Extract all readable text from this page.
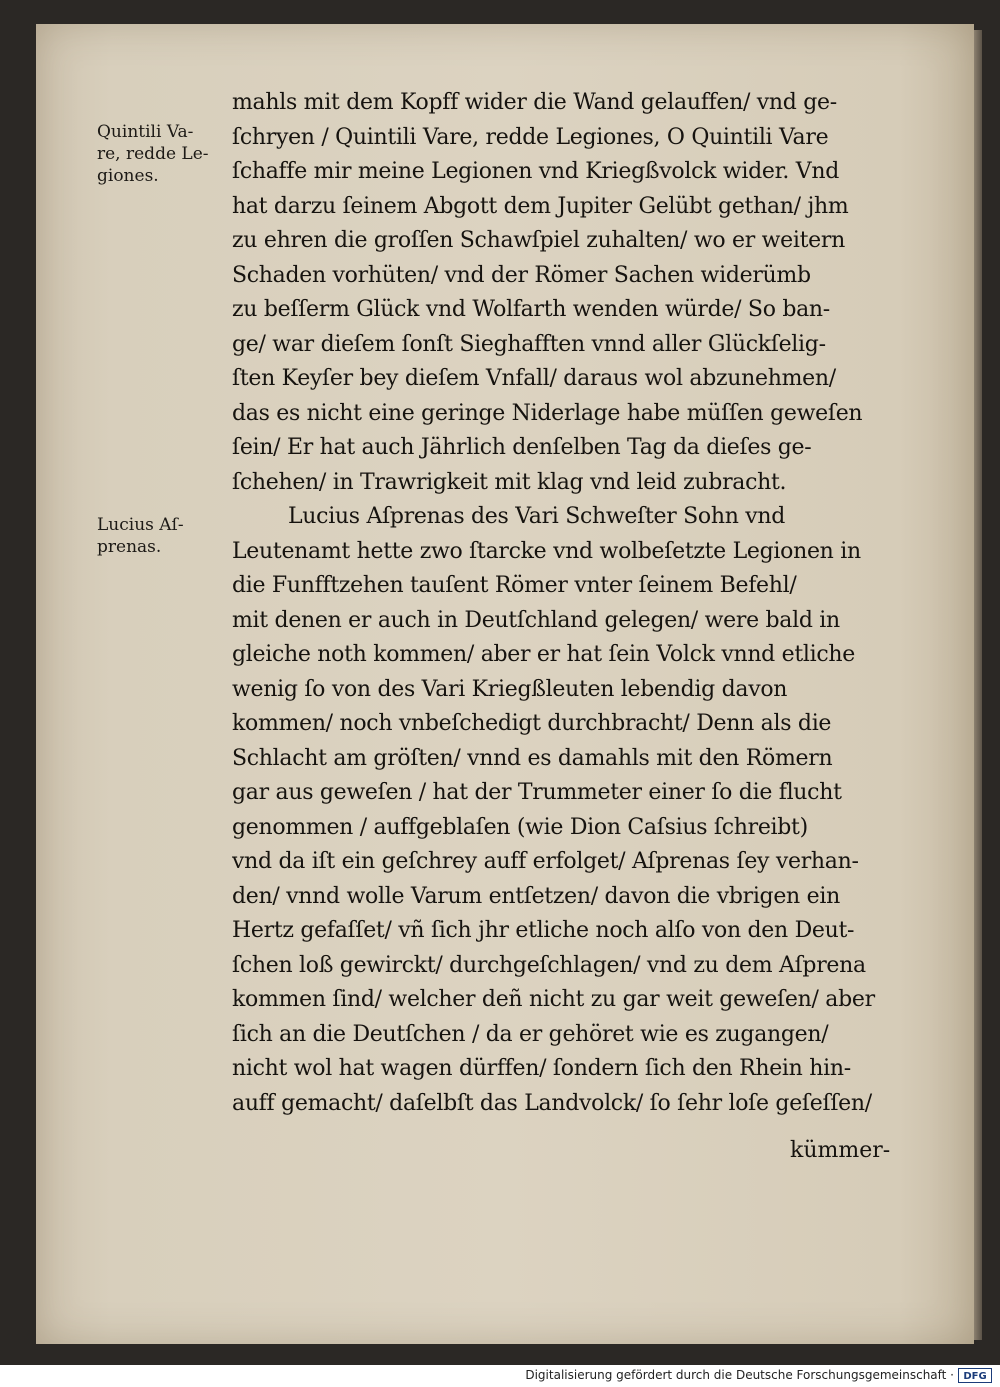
Quintili Va-
re, redde Le-
giones.

Lucius Aſ-
prenas.

mahls mit dem Kopff wider die Wand gelauffen/ vnd ge-
ſchryen / Quintili Vare, redde Legiones, O Quintili Vare
ſchaffe mir meine Legionen vnd Kriegßvolck wider. Vnd
hat darzu ſeinem Abgott dem Jupiter Gelübt gethan/ jhm
zu ehren die groſſen Schawſpiel zuhalten/ wo er weitern
Schaden vorhüten/ vnd der Römer Sachen widerümb
zu beſſerm Glück vnd Wolfarth wenden würde/ So ban-
ge/ war dieſem ſonſt Sieghafften vnnd aller Glückſelig-
ſten Keyſer bey dieſem Vnfall/ daraus wol abzunehmen/
das es nicht eine geringe Niderlage habe müſſen geweſen
ſein/ Er hat auch Jährlich denſelben Tag da dieſes ge-
ſchehen/ in Trawrigkeit mit klag vnd leid zubracht.
Lucius Aſprenas des Vari Schweſter Sohn vnd
Leutenamt hette zwo ſtarcke vnd wolbeſetzte Legionen in
die Funfftzehen tauſent Römer vnter ſeinem Befehl/
mit denen er auch in Deutſchland gelegen/ were bald in
gleiche noth kommen/ aber er hat ſein Volck vnnd etliche
wenig ſo von des Vari Kriegßleuten lebendig davon
kommen/ noch vnbeſchedigt durchbracht/ Denn als die
Schlacht am gröſten/ vnnd es damahls mit den Römern
gar aus geweſen / hat der Trummeter einer ſo die flucht
genommen / auffgeblaſen (wie Dion Caſsius ſchreibt)
vnd da iſt ein geſchrey auff erfolget/ Aſprenas ſey verhan-
den/ vnnd wolle Varum entſetzen/ davon die vbrigen ein
Hertz gefaſſet/ vñ ſich jhr etliche noch alſo von den Deut-
ſchen loß gewirckt/ durchgeſchlagen/ vnd zu dem Aſprena
kommen ſind/ welcher deñ nicht zu gar weit geweſen/ aber
ſich an die Deutſchen / da er gehöret wie es zugangen/
nicht wol hat wagen dürffen/ ſondern ſich den Rhein hin-
auff gemacht/ daſelbſt das Landvolck/ ſo ſehr loſe geſeſſen/
kümmer-
Digitalisierung gefördert durch die Deutsche Forschungsgemeinschaft · DFG
